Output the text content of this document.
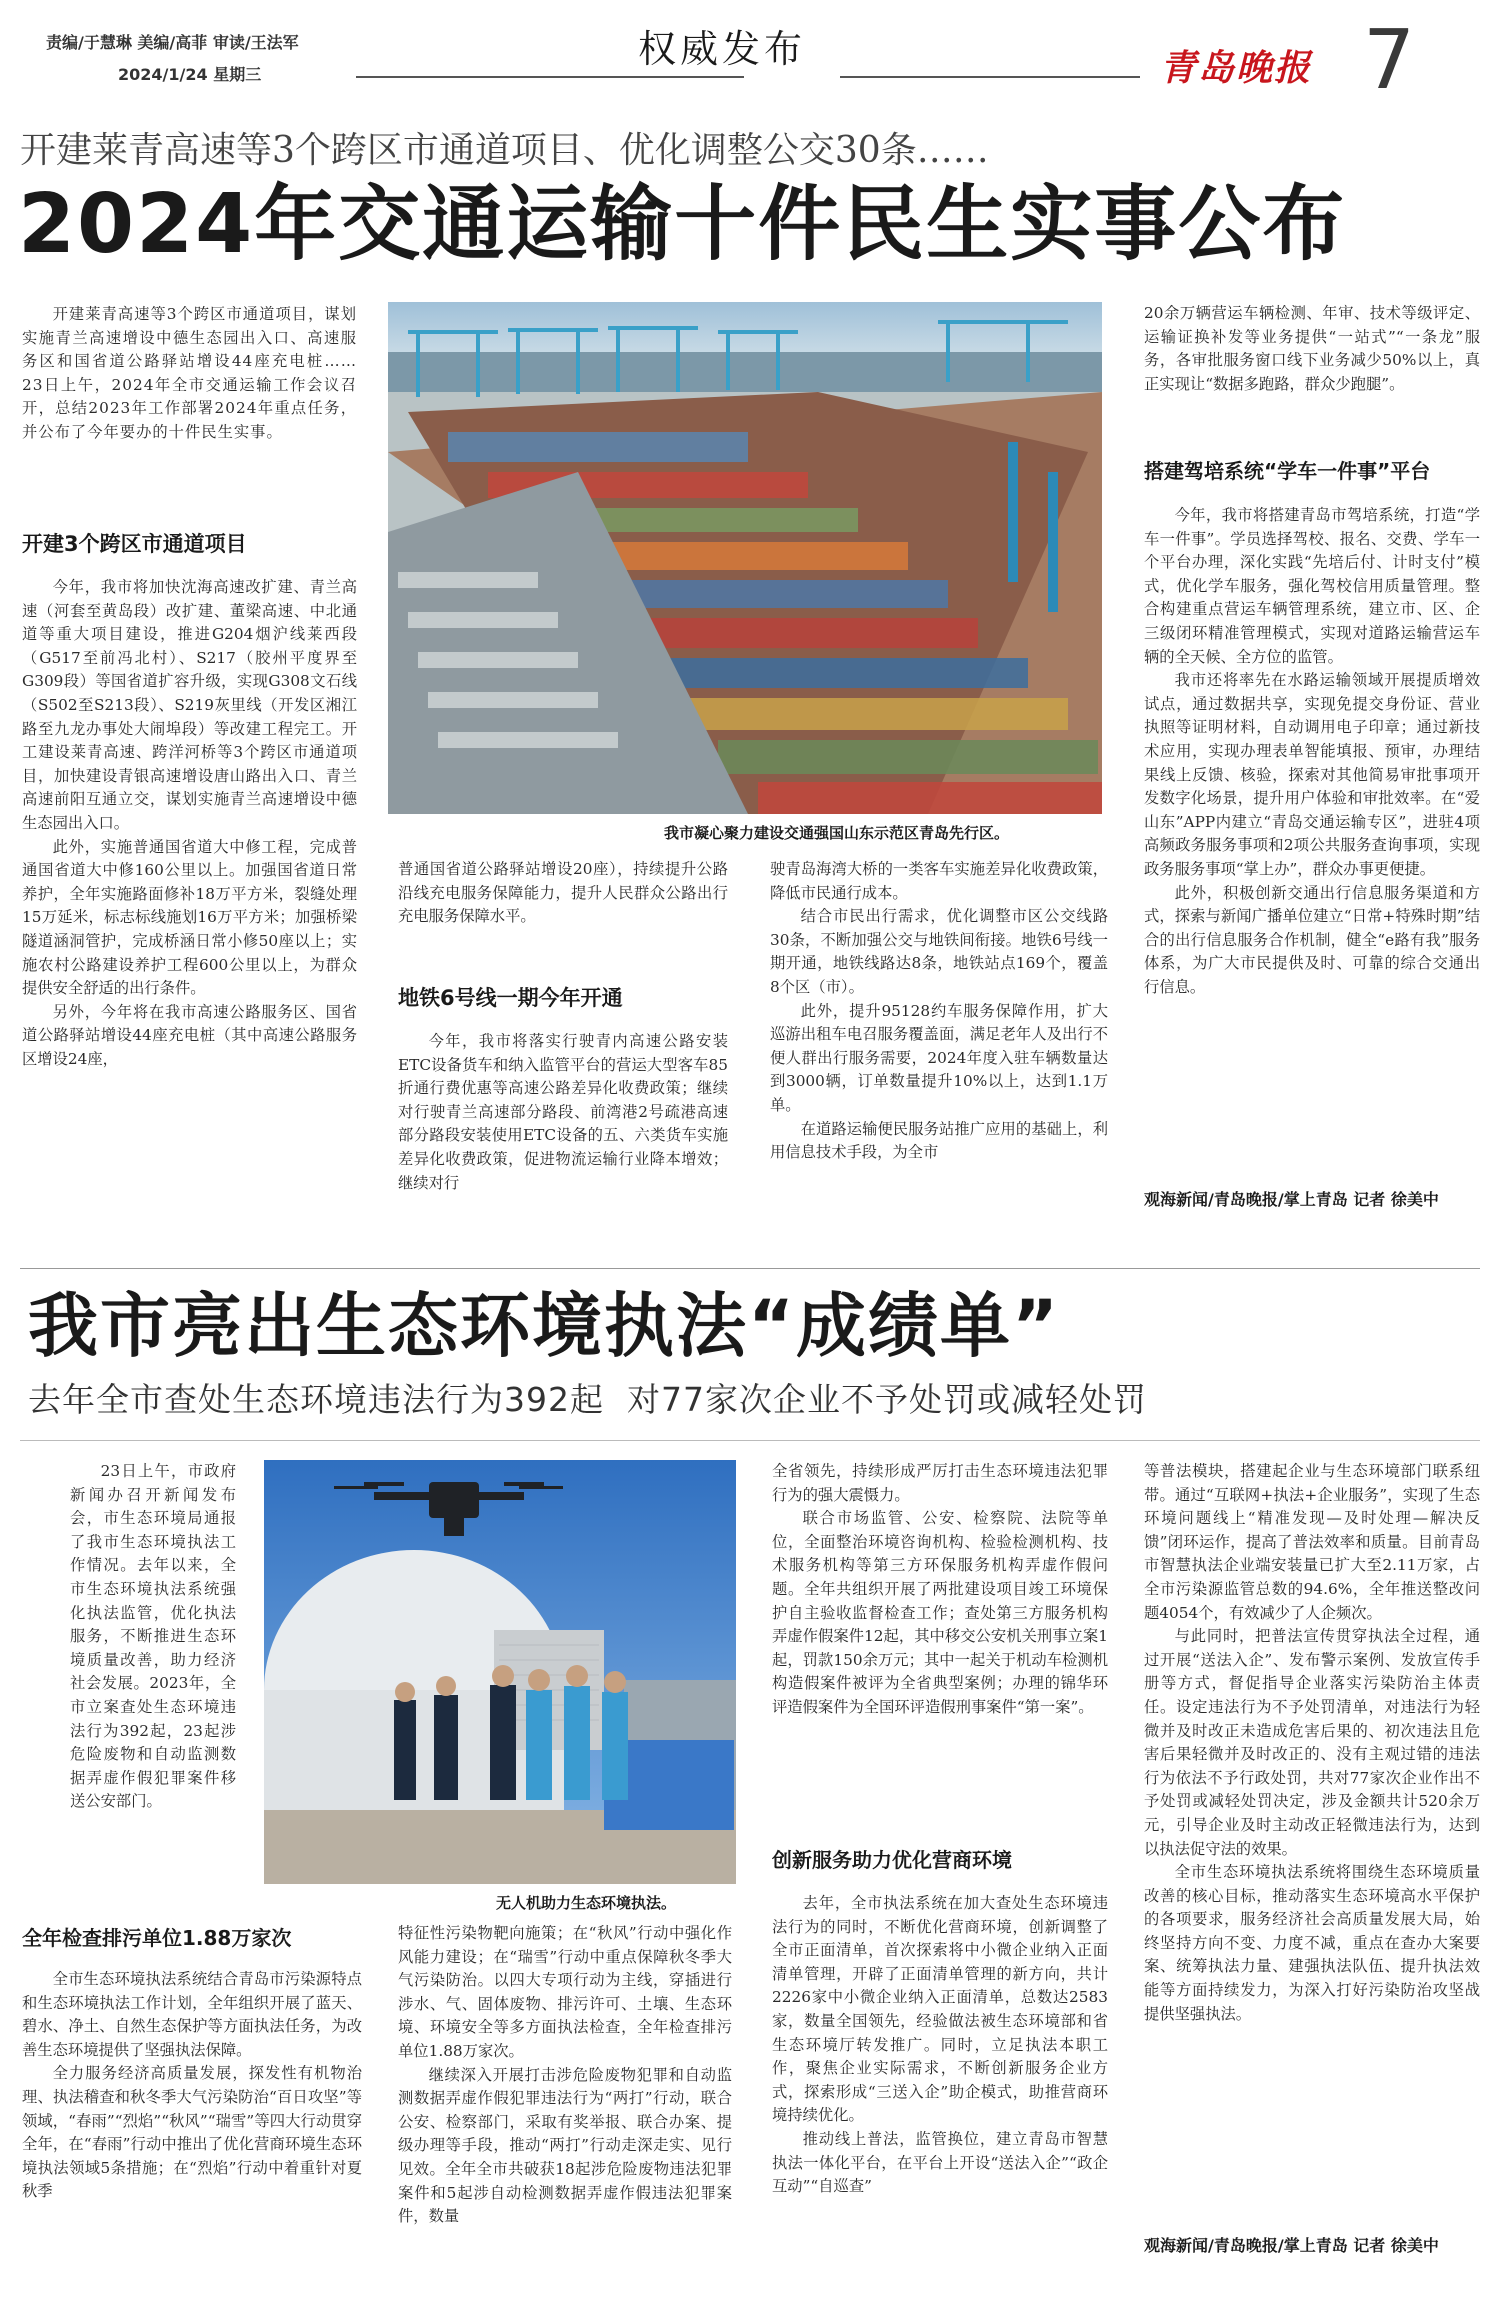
责编/于慧琳 美编/高菲 审读/王法军
2024/1/24 星期三
权威发布	青岛晚报 7
开建莱青高速等3个跨区市通道项目、优化调整公交30条……
2024年交通运输十件民生实事公布

开建莱青高速等3个跨区市通道项目，谋划实施青兰高速增设中德生态园出入口、高速服务区和国省道公路驿站增设44座充电桩……23日上午，2024年全市交通运输工作会议召开，总结2023年工作部署2024年重点任务，并公布了今年要办的十件民生实事。

开建3个跨区市通道项目

今年，我市将加快沈海高速改扩建、青兰高速（河套至黄岛段）改扩建、董梁高速、中北通道等重大项目建设，推进G204烟沪线莱西段（G517至前冯北村）、S217（胶州平度界至G309段）等国省道扩容升级，实现G308文石线（S502至S213段）、S219灰里线（开发区湘江路至九龙办事处大闹埠段）等改建工程完工。开工建设莱青高速、跨洋河桥等3个跨区市通道项目，加快建设青银高速增设唐山路出入口、青兰高速前阳互通立交，谋划实施青兰高速增设中德生态园出入口。

此外，实施普通国省道大中修工程，完成普通国省道大中修160公里以上。加强国省道日常养护，全年实施路面修补18万平方米，裂缝处理15万延米，标志标线施划16万平方米；加强桥梁隧道涵洞管护，完成桥涵日常小修50座以上；实施农村公路建设养护工程600公里以上，为群众提供安全舒适的出行条件。

另外，今年将在我市高速公路服务区、国省道公路驿站增设44座充电桩（其中高速公路服务区增设24座，

我市凝心聚力建设交通强国山东示范区青岛先行区。

普通国省道公路驿站增设20座），持续提升公路沿线充电服务保障能力，提升人民群众公路出行充电服务保障水平。

地铁6号线一期今年开通

今年，我市将落实行驶青内高速公路安装ETC设备货车和纳入监管平台的营运大型客车85折通行费优惠等高速公路差异化收费政策；继续对行驶青兰高速部分路段、前湾港2号疏港高速部分路段安装使用ETC设备的五、六类货车实施差异化收费政策，促进物流运输行业降本增效；继续对行

驶青岛海湾大桥的一类客车实施差异化收费政策，降低市民通行成本。

结合市民出行需求，优化调整市区公交线路30条，不断加强公交与地铁间衔接。地铁6号线一期开通，地铁线路达8条，地铁站点169个，覆盖8个区（市）。

此外，提升95128约车服务保障作用，扩大巡游出租车电召服务覆盖面，满足老年人及出行不便人群出行服务需要，2024年度入驻车辆数量达到3000辆，订单数量提升10%以上，达到1.1万单。

在道路运输便民服务站推广应用的基础上，利用信息技术手段，为全市

20余万辆营运车辆检测、年审、技术等级评定、运输证换补发等业务提供“一站式”“一条龙”服务，各审批服务窗口线下业务减少50%以上，真正实现让“数据多跑路，群众少跑腿”。

搭建驾培系统“学车一件事”平台

今年，我市将搭建青岛市驾培系统，打造“学车一件事”。学员选择驾校、报名、交费、学车一个平台办理，深化实践“先培后付、计时支付”模式，优化学车服务，强化驾校信用质量管理。整合构建重点营运车辆管理系统，建立市、区、企三级闭环精准管理模式，实现对道路运输营运车辆的全天候、全方位的监管。

我市还将率先在水路运输领域开展提质增效试点，通过数据共享，实现免提交身份证、营业执照等证明材料，自动调用电子印章；通过新技术应用，实现办理表单智能填报、预审，办理结果线上反馈、核验，探索对其他简易审批事项开发数字化场景，提升用户体验和审批效率。在“爱山东”APP内建立“青岛交通运输专区”，进驻4项高频政务服务事项和2项公共服务查询事项，实现政务服务事项“掌上办”，群众办事更便捷。

此外，积极创新交通出行信息服务渠道和方式，探索与新闻广播单位建立“日常+特殊时期”结合的出行信息服务合作机制，健全“e路有我”服务体系，为广大市民提供及时、可靠的综合交通出行信息。

观海新闻/青岛晚报/掌上青岛 记者 徐美中
我市亮出生态环境执法“成绩单”
去年全市查处生态环境违法行为392起  对77家次企业不予处罚或减轻处罚

23日上午，市政府新闻办召开新闻发布会，市生态环境局通报了我市生态环境执法工作情况。去年以来，全市生态环境执法系统强化执法监管，优化执法服务，不断推进生态环境质量改善，助力经济社会发展。2023年，全市立案查处生态环境违法行为392起，23起涉危险废物和自动监测数据弄虚作假犯罪案件移送公安部门。

无人机助力生态环境执法。
全年检查排污单位1.88万家次

全市生态环境执法系统结合青岛市污染源特点和生态环境执法工作计划，全年组织开展了蓝天、碧水、净土、自然生态保护等方面执法任务，为改善生态环境提供了坚强执法保障。

全力服务经济高质量发展，探发性有机物治理、执法稽查和秋冬季大气污染防治“百日攻坚”等领域，“春雨”“烈焰”“秋风”“瑞雪”等四大行动贯穿全年，在“春雨”行动中推出了优化营商环境生态环境执法领域5条措施；在“烈焰”行动中着重针对夏秋季

特征性污染物靶向施策；在“秋风”行动中强化作风能力建设；在“瑞雪”行动中重点保障秋冬季大气污染防治。以四大专项行动为主线，穿插进行涉水、气、固体废物、排污许可、土壤、生态环境、环境安全等多方面执法检查，全年检查排污单位1.88万家次。

继续深入开展打击涉危险废物犯罪和自动监测数据弄虚作假犯罪违法行为“两打”行动，联合公安、检察部门，采取有奖举报、联合办案、提级办理等手段，推动“两打”行动走深走实、见行见效。全年全市共破获18起涉危险废物违法犯罪案件和5起涉自动检测数据弄虚作假违法犯罪案件，数量

全省领先，持续形成严厉打击生态环境违法犯罪行为的强大震慑力。

联合市场监管、公安、检察院、法院等单位，全面整治环境咨询机构、检验检测机构、技术服务机构等第三方环保服务机构弄虚作假问题。全年共组织开展了两批建设项目竣工环境保护自主验收监督检查工作；查处第三方服务机构弄虚作假案件12起，其中移交公安机关刑事立案1起，罚款150余万元；其中一起关于机动车检测机构造假案件被评为全省典型案例；办理的锦华环评造假案件为全国环评造假刑事案件“第一案”。

创新服务助力优化营商环境

去年，全市执法系统在加大查处生态环境违法行为的同时，不断优化营商环境，创新调整了全市正面清单，首次探索将中小微企业纳入正面清单管理，开辟了正面清单管理的新方向，共计2226家中小微企业纳入正面清单，总数达2583家，数量全国领先，经验做法被生态环境部和省生态环境厅转发推广。同时，立足执法本职工作，聚焦企业实际需求，不断创新服务企业方式，探索形成“三送入企”助企模式，助推营商环境持续优化。

推动线上普法，监管换位，建立青岛市智慧执法一体化平台，在平台上开设“送法入企”“政企互动”“自巡查”

等普法模块，搭建起企业与生态环境部门联系纽带。通过“互联网+执法+企业服务”，实现了生态环境问题线上“精准发现—及时处理—解决反馈”闭环运作，提高了普法效率和质量。目前青岛市智慧执法企业端安装量已扩大至2.11万家，占全市污染源监管总数的94.6%，全年推送整改问题4054个，有效减少了人企频次。

与此同时，把普法宣传贯穿执法全过程，通过开展“送法入企”、发布警示案例、发放宣传手册等方式，督促指导企业落实污染防治主体责任。设定违法行为不予处罚清单，对违法行为轻微并及时改正未造成危害后果的、初次违法且危害后果轻微并及时改正的、没有主观过错的违法行为依法不予行政处罚，共对77家次企业作出不予处罚或减轻处罚决定，涉及金额共计520余万元，引导企业及时主动改正轻微违法行为，达到以执法促守法的效果。

全市生态环境执法系统将围绕生态环境质量改善的核心目标，推动落实生态环境高水平保护的各项要求，服务经济社会高质量发展大局，始终坚持方向不变、力度不减，重点在查办大案要案、统筹执法力量、建强执法队伍、提升执法效能等方面持续发力，为深入打好污染防治攻坚战提供坚强执法。

观海新闻/青岛晚报/掌上青岛 记者 徐美中
